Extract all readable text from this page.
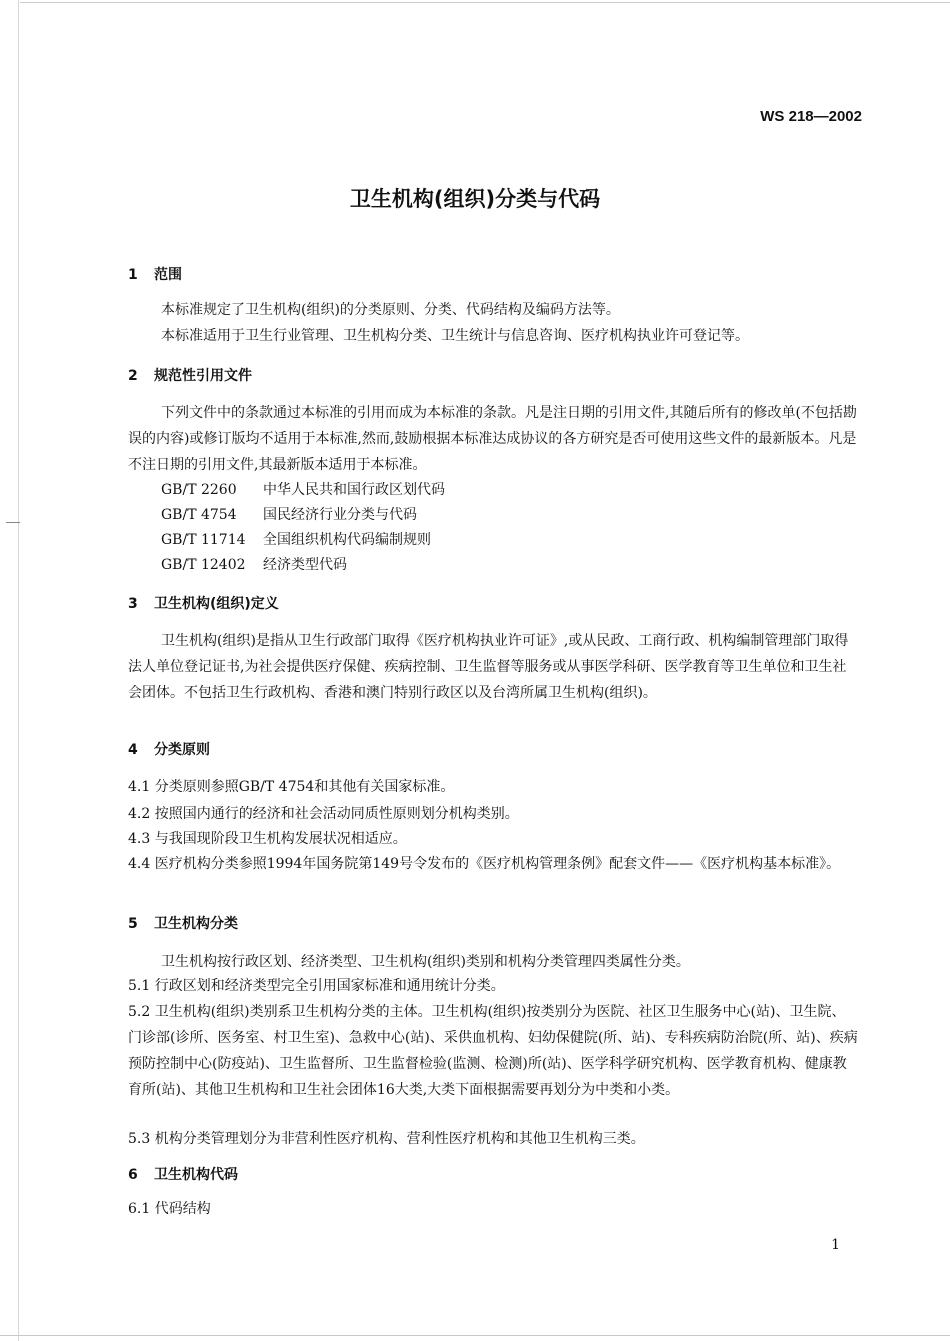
WS 218—2002
卫生机构(组织)分类与代码
1 范围
本标准规定了卫生机构(组织)的分类原则、分类、代码结构及编码方法等。
本标准适用于卫生行业管理、卫生机构分类、卫生统计与信息咨询、医疗机构执业许可登记等。
2 规范性引用文件
下列文件中的条款通过本标准的引用而成为本标准的条款。凡是注日期的引用文件,其随后所有的修改单(不包括勘误的内容)或修订版均不适用于本标准,然而,鼓励根据本标准达成协议的各方研究是否可使用这些文件的最新版本。凡是不注日期的引用文件,其最新版本适用于本标准。
GB/T 2260 中华人民共和国行政区划代码
GB/T 4754 国民经济行业分类与代码
GB/T 11714 全国组织机构代码编制规则
GB/T 12402 经济类型代码
3 卫生机构(组织)定义
卫生机构(组织)是指从卫生行政部门取得《医疗机构执业许可证》,或从民政、工商行政、机构编制管理部门取得法人单位登记证书,为社会提供医疗保健、疾病控制、卫生监督等服务或从事医学科研、医学教育等卫生单位和卫生社会团体。不包括卫生行政机构、香港和澳门特别行政区以及台湾所属卫生机构(组织)。
4 分类原则
4.1 分类原则参照GB/T 4754和其他有关国家标准。
4.2 按照国内通行的经济和社会活动同质性原则划分机构类别。
4.3 与我国现阶段卫生机构发展状况相适应。
4.4 医疗机构分类参照1994年国务院第149号令发布的《医疗机构管理条例》配套文件——《医疗机构基本标准》。
5 卫生机构分类
卫生机构按行政区划、经济类型、卫生机构(组织)类别和机构分类管理四类属性分类。
5.1 行政区划和经济类型完全引用国家标准和通用统计分类。
5.2 卫生机构(组织)类别系卫生机构分类的主体。卫生机构(组织)按类别分为医院、社区卫生服务中心(站)、卫生院、门诊部(诊所、医务室、村卫生室)、急救中心(站)、采供血机构、妇幼保健院(所、站)、专科疾病防治院(所、站)、疾病预防控制中心(防疫站)、卫生监督所、卫生监督检验(监测、检测)所(站)、医学科学研究机构、医学教育机构、健康教育所(站)、其他卫生机构和卫生社会团体16大类,大类下面根据需要再划分为中类和小类。
5.3 机构分类管理划分为非营利性医疗机构、营利性医疗机构和其他卫生机构三类。
6 卫生机构代码
6.1 代码结构
1
